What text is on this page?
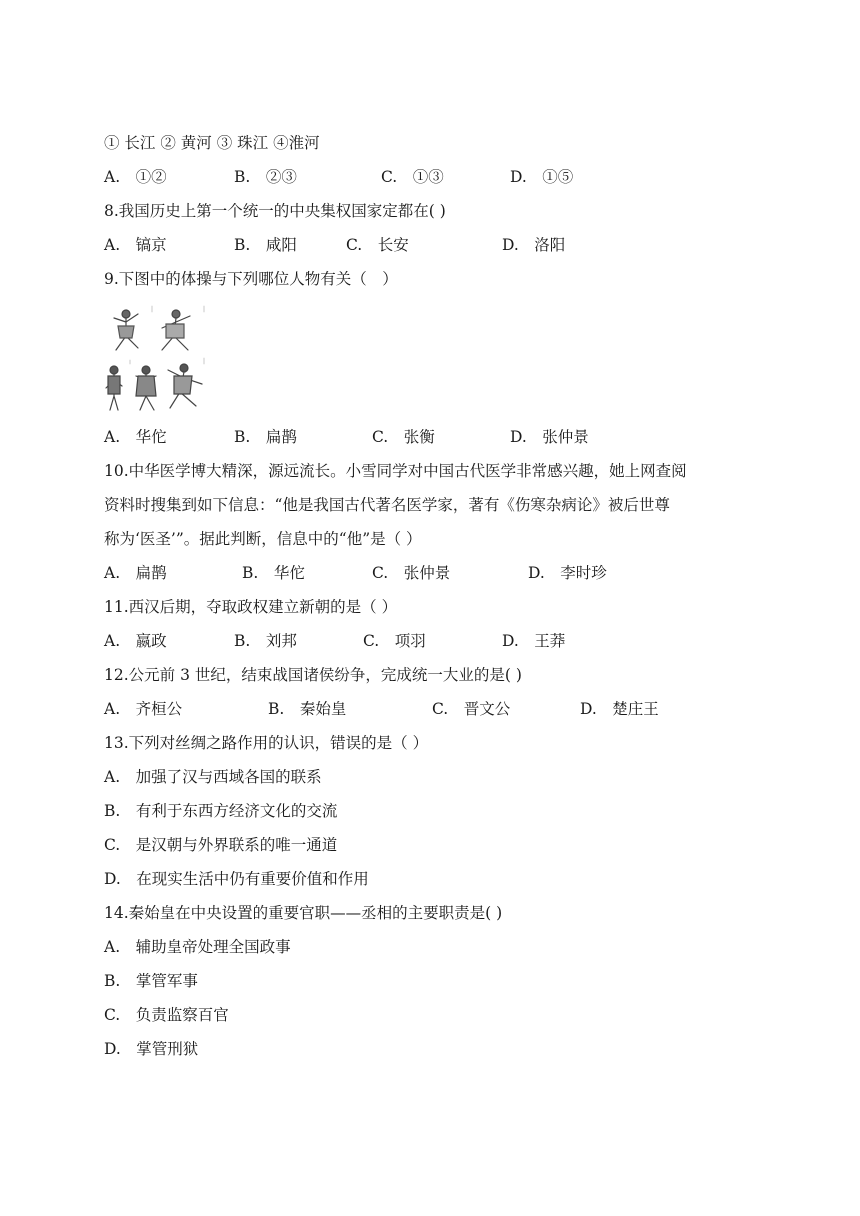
① 长江 ② 黄河 ③ 珠江 ④淮河
A.　①②	B.　②③	C.　①③	D.　①⑤
8.我国历史上第一个统一的中央集权国家定都在( )
A.　镐京	B.　咸阳	C.　长安	D.　洛阳
9.下图中的体操与下列哪位人物有关（　）
A.　华佗	B.　扁鹊	C.　张衡	D.　张仲景
10.中华医学博大精深，源远流长。小雪同学对中国古代医学非常感兴趣，她上网查阅
资料时搜集到如下信息：“他是我国古代著名医学家，著有《伤寒杂病论》被后世尊
称为‘医圣’”。据此判断，信息中的“他”是（ ）
A.　扁鹊	B.　华佗	C.　张仲景	D.　李时珍
11.西汉后期，夺取政权建立新朝的是（ ）
A.　嬴政	B.　刘邦	C.　项羽	D.　王莽
12.公元前 3 世纪，结束战国诸侯纷争，完成统一大业的是( )
A.　齐桓公	B.　秦始皇	C.　晋文公	D.　楚庄王
13.下列对丝绸之路作用的认识，错误的是（ ）
A.　加强了汉与西域各国的联系
B.　有利于东西方经济文化的交流
C.　是汉朝与外界联系的唯一通道
D.　在现实生活中仍有重要价值和作用
14.秦始皇在中央设置的重要官职——丞相的主要职责是( )
A.　辅助皇帝处理全国政事
B.　掌管军事
C.　负责监察百官
D.　掌管刑狱
